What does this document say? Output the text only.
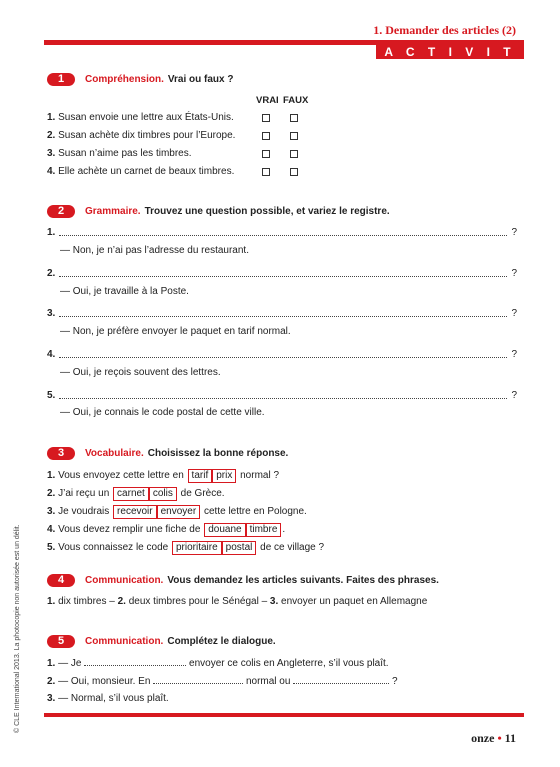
1. Demander des articles (2)
A C T I V I T É S
1	Compréhension. Vrai ou faux ?
VRAI FAUX
1. Susan envoie une lettre aux États-Unis.
2. Susan achète dix timbres pour l’Europe.
3. Susan n’aime pas les timbres.
4. Elle achète un carnet de beaux timbres.
2	Grammaire. Trouvez une question possible, et variez le registre.
1.	?
— Non, je n’ai pas l’adresse du restaurant.
2.	?
— Oui, je travaille à la Poste.
3.	?
— Non, je préfère envoyer le paquet en tarif normal.
4.	?
— Oui, je reçois souvent des lettres.
5.	?
— Oui, je connais le code postal de cette ville.
3	Vocabulaire. Choisissez la bonne réponse.
1. Vous envoyez cette lettre en tarif prix normal ?
2. J’ai reçu un carnet colis de Grèce.
3. Je voudrais recevoir envoyer cette lettre en Pologne.
4. Vous devez remplir une fiche de douane timbre .
5. Vous connaissez le code prioritaire postal de ce village ?
4	Communication. Vous demandez les articles suivants. Faites des phrases.
1. dix timbres – 2. deux timbres pour le Sénégal – 3. envoyer un paquet en Allemagne
5	Communication. Complétez le dialogue.
1. — Je	envoyer ce colis en Angleterre, s’il vous plaît.
2. — Oui, monsieur. En	normal ou	?
3. — Normal, s’il vous plaît.
onze • 11
© CLE International 2013. La photocopie non autorisée est un délit.
